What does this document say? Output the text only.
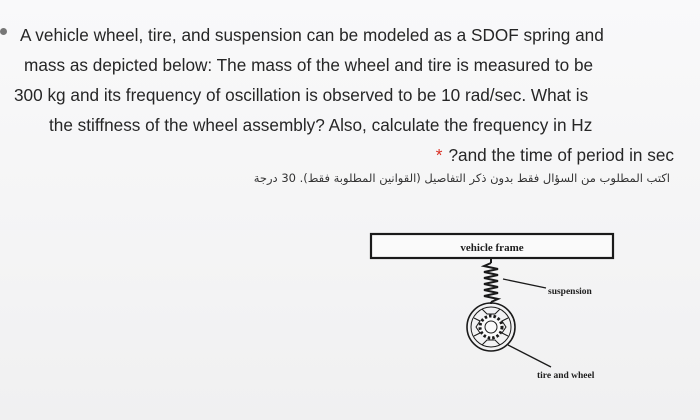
A vehicle wheel, tire, and suspension can be modeled as a SDOF spring and
mass as depicted below: The mass of the wheel and tire is measured to be
300 kg and its frequency of oscillation is observed to be 10 rad/sec. What is
the stiffness of the wheel assembly? Also, calculate the frequency in Hz
* ?and the time of period in sec
اكتب المطلوب من السؤال فقط بدون ذكر التفاصيل (القوانين المطلوبة فقط). 30 درجة
vehicle frame
suspension
tire and wheel
